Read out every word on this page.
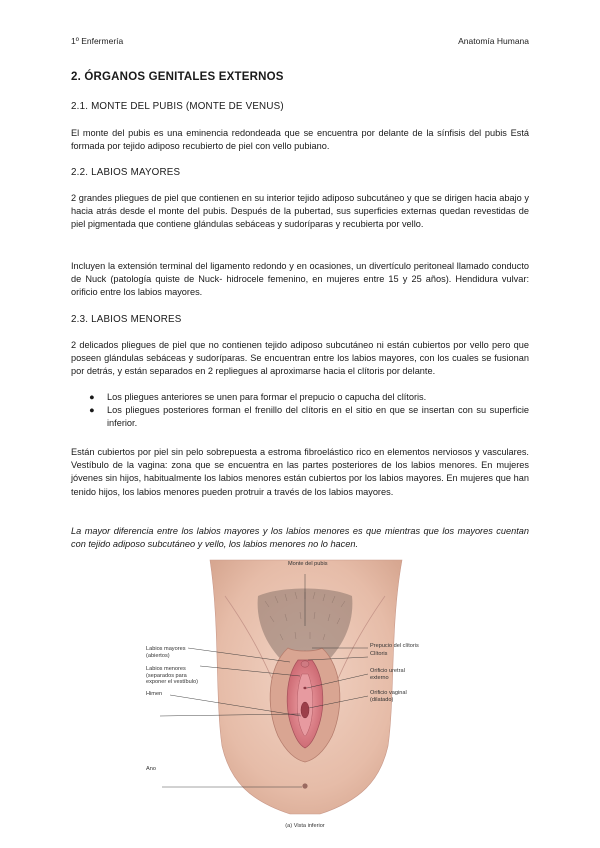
1º Enfermería	Anatomía Humana
2. ÓRGANOS GENITALES EXTERNOS
2.1. MONTE DEL PUBIS (MONTE DE VENUS)

El monte del pubis es una eminencia redondeada que se encuentra por delante de la sínfisis del pubis Está formada por tejido adiposo recubierto de piel con vello pubiano.

2.2. LABIOS MAYORES

2 grandes pliegues de piel que contienen en su interior tejido adiposo subcutáneo y que se dirigen hacia abajo y hacia atrás desde el monte del pubis. Después de la pubertad, sus superficies externas quedan revestidas de piel pigmentada que contiene glándulas sebáceas y sudoríparas y recubierta por vello.

Incluyen la extensión terminal del ligamento redondo y en ocasiones, un divertículo peritoneal llamado conducto de Nuck (patología quiste de Nuck- hidrocele femenino, en mujeres entre 15 y 25 años). Hendidura vulvar: orificio entre los labios mayores.

2.3. LABIOS MENORES

2 delicados pliegues de piel que no contienen tejido adiposo subcutáneo ni están cubiertos por vello pero que poseen glándulas sebáceas y sudoríparas. Se encuentran entre los labios mayores, con los cuales se fusionan por detrás, y están separados en 2 repliegues al aproximarse hacia el clítoris por delante.

● Los pliegues anteriores se unen para formar el prepucio o capucha del clítoris.
● Los pliegues posteriores forman el frenillo del clítoris en el sitio en que se insertan con su superficie inferior.

Están cubiertos por piel sin pelo sobrepuesta a estroma fibroelástico rico en elementos nerviosos y vasculares. Vestíbulo de la vagina: zona que se encuentra en las partes posteriores de los labios menores. En mujeres jóvenes sin hijos, habitualmente los labios menores están cubiertos por los labios mayores. En mujeres que han tenido hijos, los labios menores pueden protruir a través de los labios mayores.

La mayor diferencia entre los labios mayores y los labios menores es que mientras que los mayores cuentan con tejido adiposo subcutáneo y vello, los labios menores no lo hacen.

Monte del pubis
Labios mayores
(abiertos)
Labios menores
(separados para
exponer el vestíbulo)
Himen
Ano
Prepucio del clítoris
Clítoris
Orificio uretral
externo
Orificio vaginal
(dilatado)
(a) Vista inferior
